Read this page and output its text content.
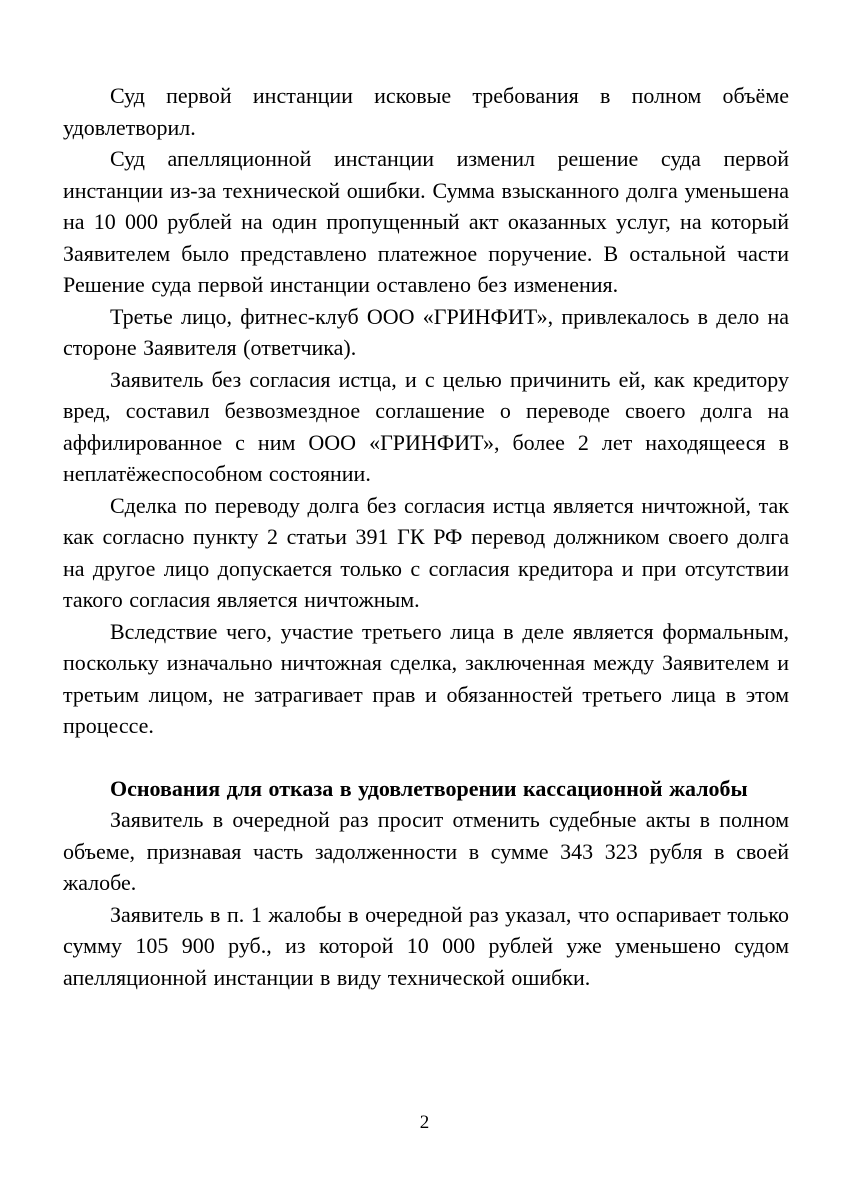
Суд первой инстанции исковые требования в полном объёме удовлетворил.

Суд апелляционной инстанции изменил решение суда первой инстанции из-за технической ошибки. Сумма взысканного долга уменьшена на 10 000 рублей на один пропущенный акт оказанных услуг, на который Заявителем было представлено платежное поручение. В остальной части Решение суда первой инстанции оставлено без изменения.

Третье лицо, фитнес-клуб ООО «ГРИНФИТ», привлекалось в дело на стороне Заявителя (ответчика).

Заявитель без согласия истца, и с целью причинить ей, как кредитору вред, составил безвозмездное соглашение о переводе своего долга на аффилированное с ним ООО «ГРИНФИТ», более 2 лет находящееся в неплатёжеспособном состоянии.

Сделка по переводу долга без согласия истца является ничтожной, так как согласно пункту 2 статьи 391 ГК РФ перевод должником своего долга на другое лицо допускается только с согласия кредитора и при отсутствии такого согласия является ничтожным.

Вследствие чего, участие третьего лица в деле является формальным, поскольку изначально ничтожная сделка, заключенная между Заявителем и третьим лицом, не затрагивает прав и обязанностей третьего лица в этом процессе.

Основания для отказа в удовлетворении кассационной жалобы

Заявитель в очередной раз просит отменить судебные акты в полном объеме, признавая часть задолженности в сумме 343 323 рубля в своей жалобе.

Заявитель в п. 1 жалобы в очередной раз указал, что оспаривает только сумму 105 900 руб., из которой 10 000 рублей уже уменьшено судом апелляционной инстанции в виду технической ошибки.

2
